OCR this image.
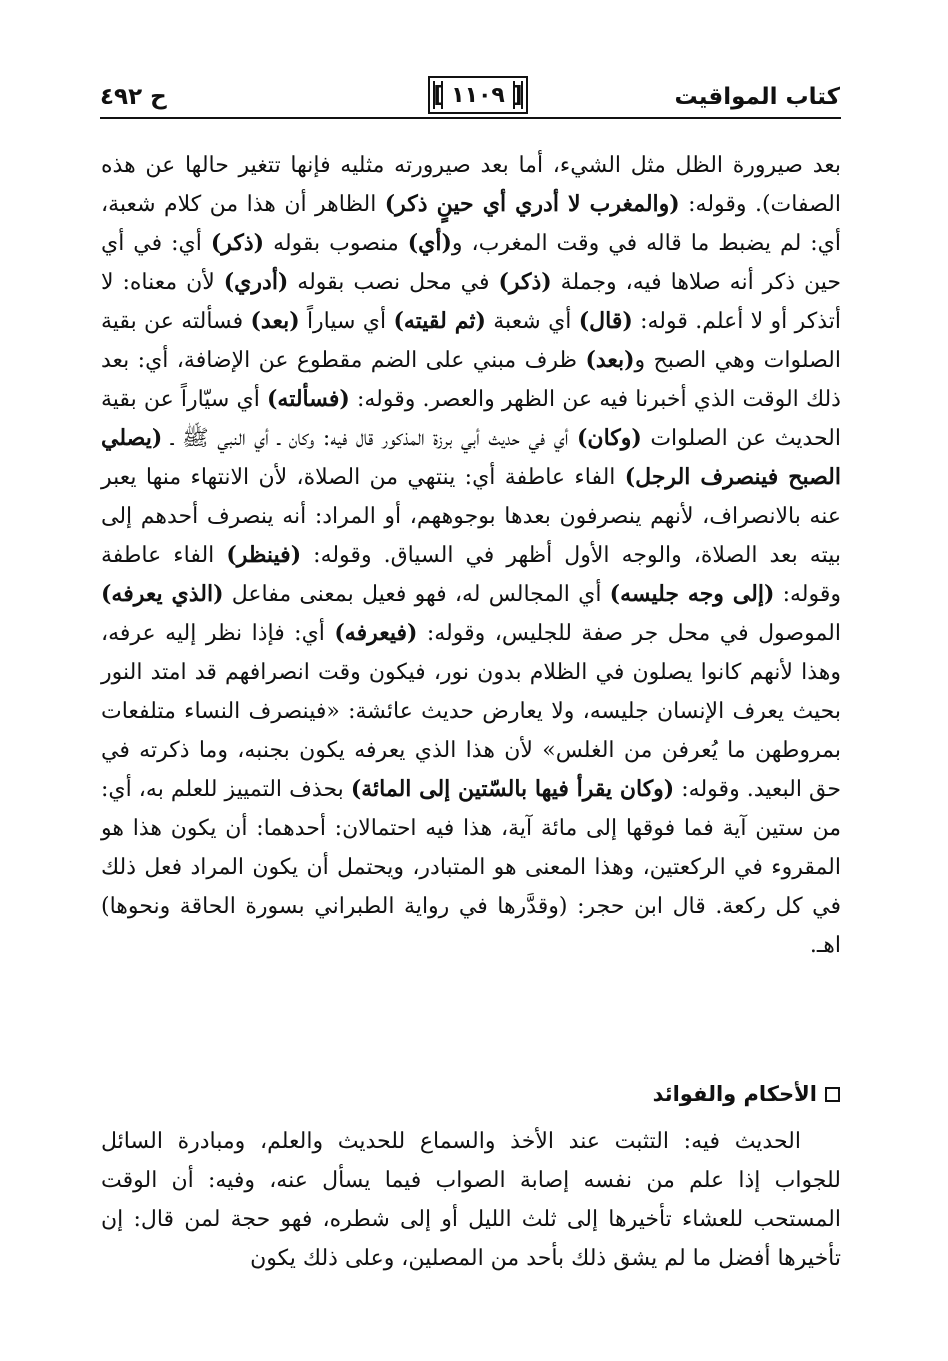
كتاب المواقيت
[ ١١٠٩ ]
ح ٤٩٢

بعد صيرورة الظل مثل الشيء، أما بعد صيرورته مثليه فإنها تتغير حالها عن هذه الصفات). وقوله: (والمغرب لا أدري أي حينٍ ذكر) الظاهر أن هذا من كلام شعبة، أي: لم يضبط ما قاله في وقت المغرب، و(أي) منصوب بقوله (ذكر) أي: في أي حين ذكر أنه صلاها فيه، وجملة (ذكر) في محل نصب بقوله (أدري) لأن معناه: لا أتذكر أو لا أعلم. قوله: (قال) أي شعبة (ثم لقيته) أي سياراً (بعد) فسألته عن بقية الصلوات وهي الصبح و(بعد) ظرف مبني على الضم مقطوع عن الإضافة، أي: بعد ذلك الوقت الذي أخبرنا فيه عن الظهر والعصر. وقوله: (فسألته) أي سيّاراً عن بقية الحديث عن الصلوات (وكان) أي في حديث أبي برزة المذكور قال فيه: وكان ـ أي النبي ﷺ ـ (يصلي الصبح فينصرف الرجل) الفاء عاطفة أي: ينتهي من الصلاة، لأن الانتهاء منها يعبر عنه بالانصراف، لأنهم ينصرفون بعدها بوجوههم، أو المراد: أنه ينصرف أحدهم إلى بيته بعد الصلاة، والوجه الأول أظهر في السياق. وقوله: (فينظر) الفاء عاطفة وقوله: (إلى وجه جليسه) أي المجالس له، فهو فعيل بمعنى مفاعل (الذي يعرفه) الموصول في محل جر صفة للجليس، وقوله: (فيعرفه) أي: فإذا نظر إليه عرفه، وهذا لأنهم كانوا يصلون في الظلام بدون نور، فيكون وقت انصرافهم قد امتد النور بحيث يعرف الإنسان جليسه، ولا يعارض حديث عائشة: «فينصرف النساء متلفعات بمروطهن ما يُعرفن من الغلس» لأن هذا الذي يعرفه يكون بجنبه، وما ذكرته في حق البعيد. وقوله: (وكان يقرأ فيها بالسّتين إلى المائة) بحذف التمييز للعلم به، أي: من ستين آية فما فوقها إلى مائة آية، هذا فيه احتمالان: أحدهما: أن يكون هذا هو المقروء في الركعتين، وهذا المعنى هو المتبادر، ويحتمل أن يكون المراد فعل ذلك في كل ركعة. قال ابن حجر: (وقدَّرها في رواية الطبراني بسورة الحاقة ونحوها) اهـ.

الأحكام والفوائد

الحديث فيه: التثبت عند الأخذ والسماع للحديث والعلم، ومبادرة السائل للجواب إذا علم من نفسه إصابة الصواب فيما يسأل عنه، وفيه: أن الوقت المستحب للعشاء تأخيرها إلى ثلث الليل أو إلى شطره، فهو حجة لمن قال: إن تأخيرها أفضل ما لم يشق ذلك بأحد من المصلين، وعلى ذلك يكون
